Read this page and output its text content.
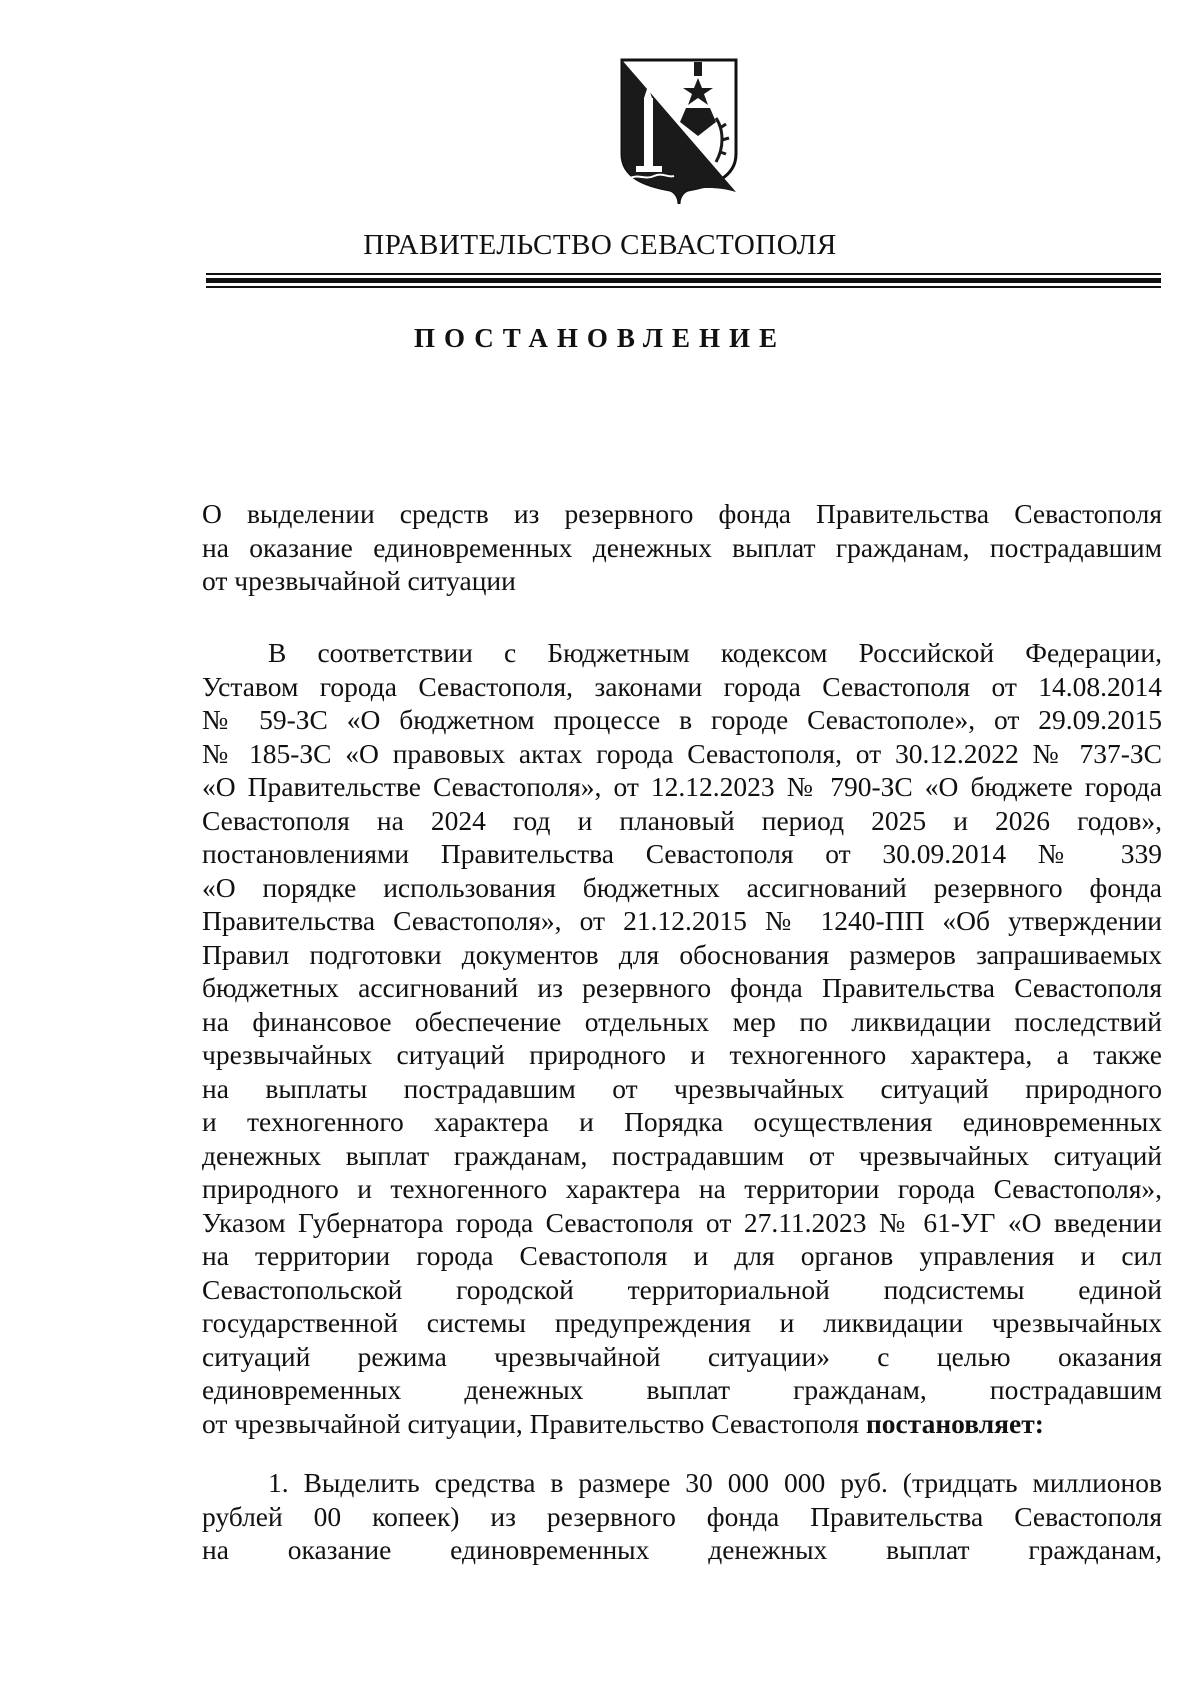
ПРАВИТЕЛЬСТВО СЕВАСТОПОЛЯ
ПОСТАНОВЛЕНИЕ
О выделении средств из резервного фонда Правительства Севастополя
на оказание единовременных денежных выплат гражданам, пострадавшим
от чрезвычайной ситуации
В соответствии с Бюджетным кодексом Российской Федерации,
Уставом города Севастополя, законами города Севастополя от 14.08.2014
№ 59-ЗС «О бюджетном процессе в городе Севастополе», от 29.09.2015
№ 185-ЗС «О правовых актах города Севастополя, от 30.12.2022 № 737-ЗС
«О Правительстве Севастополя», от 12.12.2023 № 790-ЗС «О бюджете города
Севастополя на 2024 год и плановый период 2025 и 2026 годов»,
постановлениями Правительства Севастополя от 30.09.2014 № 339
«О порядке использования бюджетных ассигнований резервного фонда
Правительства Севастополя», от 21.12.2015 № 1240-ПП «Об утверждении
Правил подготовки документов для обоснования размеров запрашиваемых
бюджетных ассигнований из резервного фонда Правительства Севастополя
на финансовое обеспечение отдельных мер по ликвидации последствий
чрезвычайных ситуаций природного и техногенного характера, а также
на выплаты пострадавшим от чрезвычайных ситуаций природного
и техногенного характера и Порядка осуществления единовременных
денежных выплат гражданам, пострадавшим от чрезвычайных ситуаций
природного и техногенного характера на территории города Севастополя»,
Указом Губернатора города Севастополя от 27.11.2023 № 61-УГ «О введении
на территории города Севастополя и для органов управления и сил
Севастопольской городской территориальной подсистемы единой
государственной системы предупреждения и ликвидации чрезвычайных
ситуаций режима чрезвычайной ситуации» с целью оказания
единовременных денежных выплат гражданам, пострадавшим
от чрезвычайной ситуации, Правительство Севастополя постановляет:
1. Выделить средства в размере 30 000 000 руб. (тридцать миллионов
рублей 00 копеек) из резервного фонда Правительства Севастополя
на оказание единовременных денежных выплат гражданам,
